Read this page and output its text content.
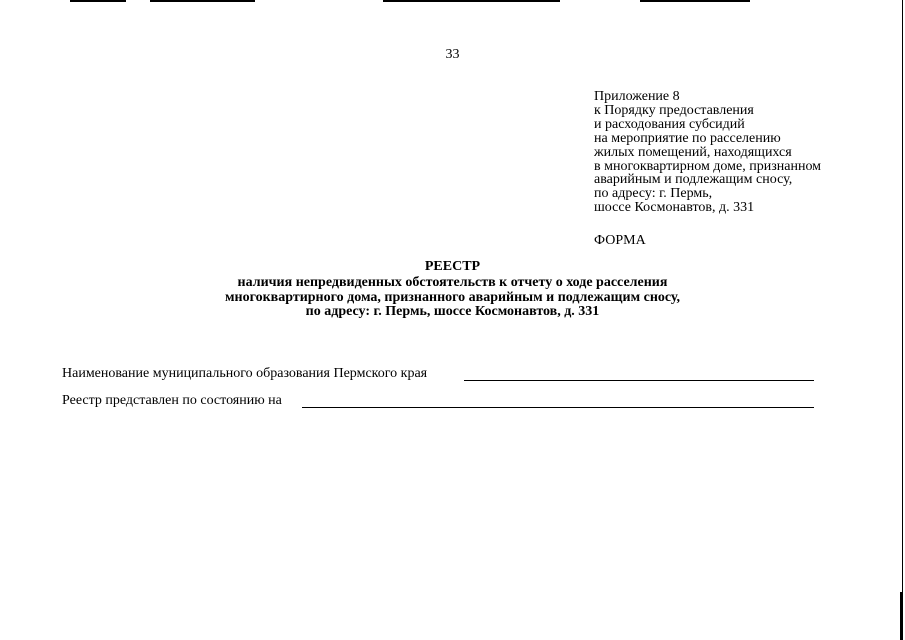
33
Приложение 8
к Порядку предоставления
и расходования субсидий
на мероприятие по расселению
жилых помещений, находящихся
в многоквартирном доме, признанном
аварийным и подлежащим сносу,
по адресу: г. Пермь,
шоссе Космонавтов, д. 331
ФОРМА
РЕЕСТР
наличия непредвиденных обстоятельств к отчету о ходе расселения
многоквартирного дома, признанного аварийным и подлежащим сносу,
по адресу: г. Пермь, шоссе Космонавтов, д. 331
Наименование муниципального образования Пермского края
Реестр представлен по состоянию на
